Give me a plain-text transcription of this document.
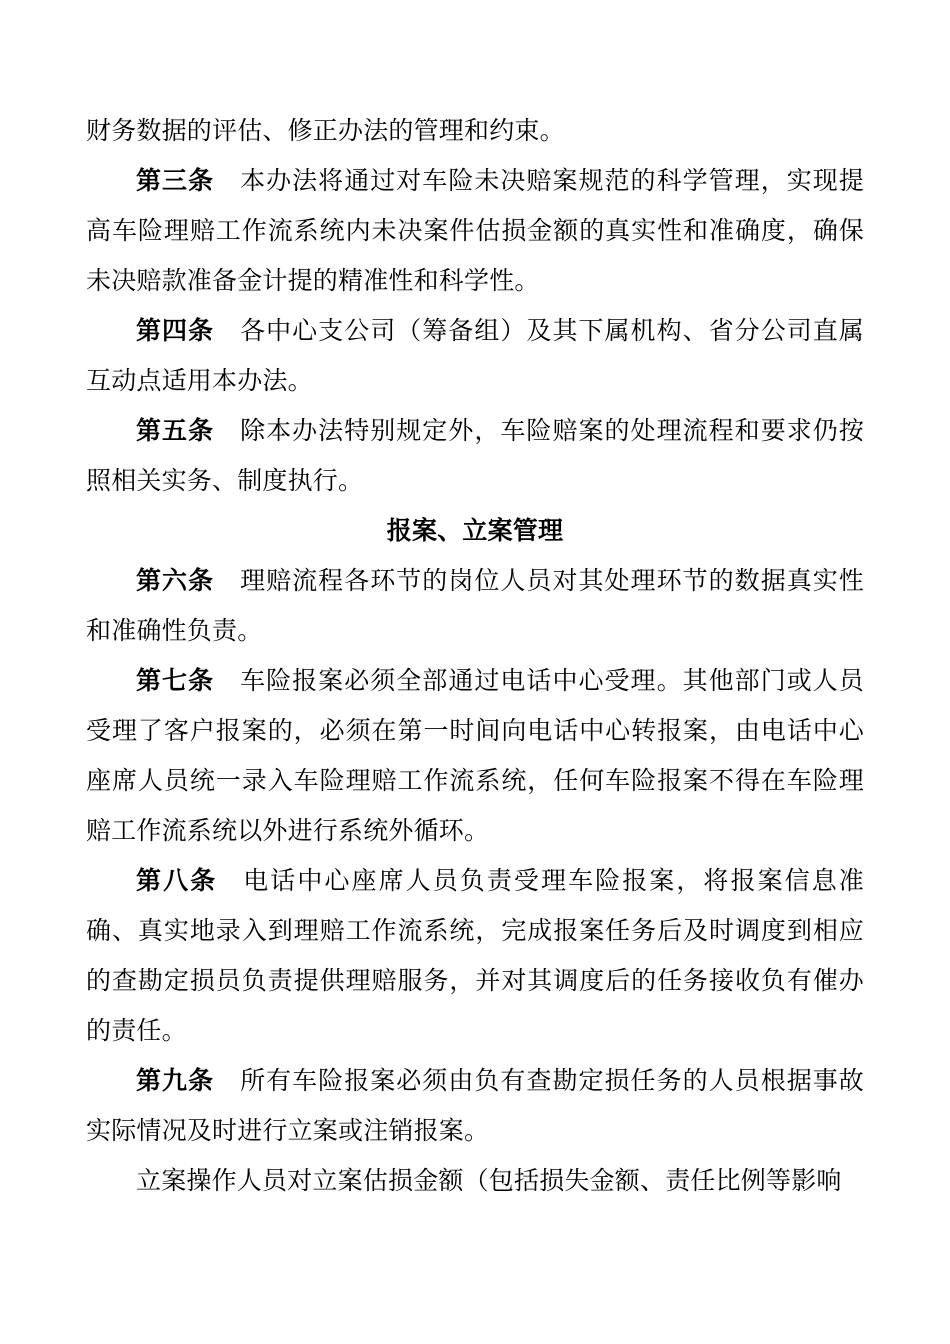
财务数据的评估、修正办法的管理和约束。

第三条 本办法将通过对车险未决赔案规范的科学管理，实现提高车险理赔工作流系统内未决案件估损金额的真实性和准确度，确保未决赔款准备金计提的精准性和科学性。

第四条 各中心支公司（筹备组）及其下属机构、省分公司直属互动点适用本办法。

第五条 除本办法特别规定外，车险赔案的处理流程和要求仍按照相关实务、制度执行。

报案、立案管理

第六条 理赔流程各环节的岗位人员对其处理环节的数据真实性和准确性负责。

第七条 车险报案必须全部通过电话中心受理。其他部门或人员受理了客户报案的，必须在第一时间向电话中心转报案，由电话中心座席人员统一录入车险理赔工作流系统，任何车险报案不得在车险理赔工作流系统以外进行系统外循环。

第八条 电话中心座席人员负责受理车险报案，将报案信息准确、真实地录入到理赔工作流系统，完成报案任务后及时调度到相应的查勘定损员负责提供理赔服务，并对其调度后的任务接收负有催办的责任。

第九条 所有车险报案必须由负有查勘定损任务的人员根据事故实际情况及时进行立案或注销报案。

立案操作人员对立案估损金额（包括损失金额、责任比例等影响
